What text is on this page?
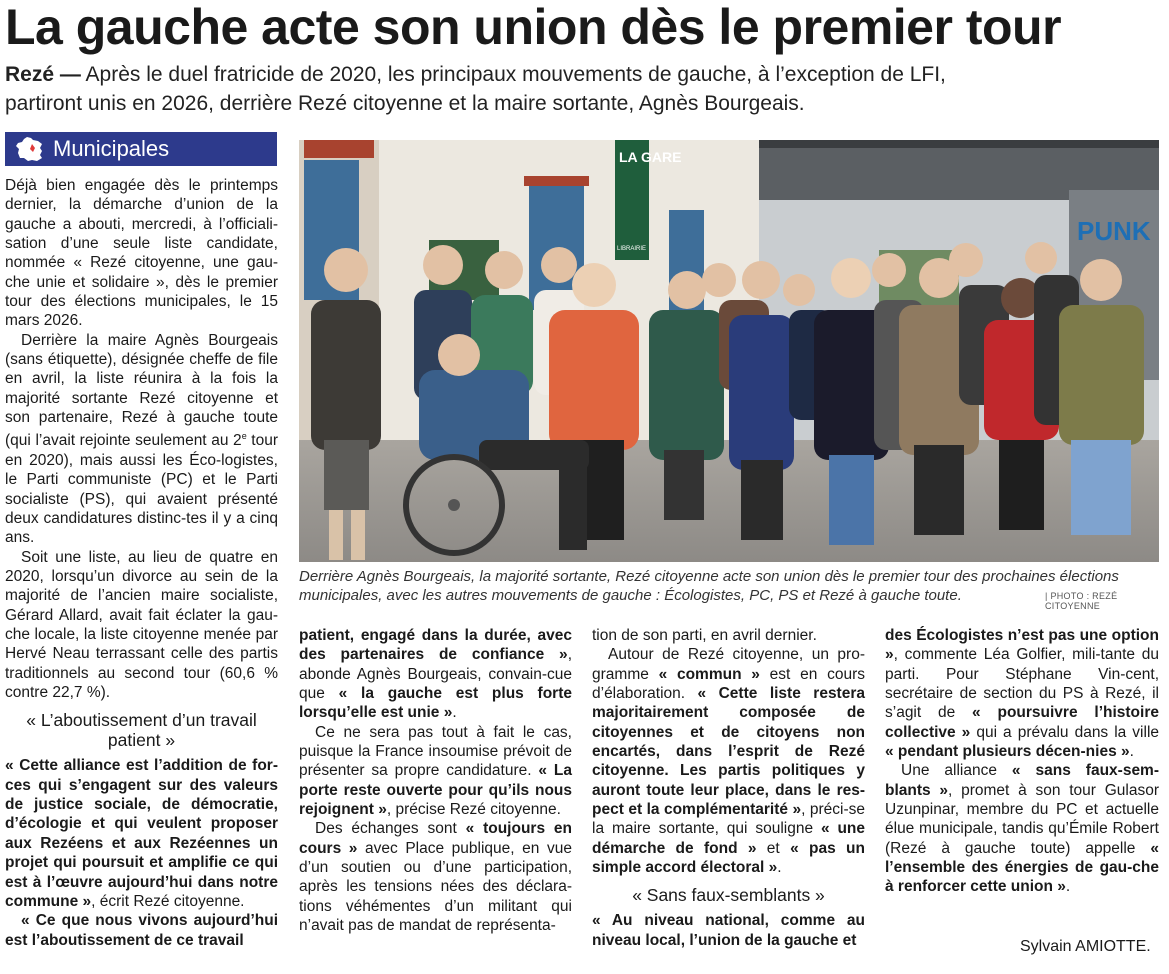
La gauche acte son union dès le premier tour
Rezé — Après le duel fratricide de 2020, les principaux mouvements de gauche, à l’exception de LFI, partiront unis en 2026, derrière Rezé citoyenne et la maire sortante, Agnès Bourgeais.
Municipales

Déjà bien engagée dès le printemps dernier, la démarche d’union de la gauche a abouti, mercredi, à l’officiali-sation d’une seule liste candidate, nommée « Rezé citoyenne, une gau-che unie et solidaire », dès le premier tour des élections municipales, le 15 mars 2026.

Derrière la maire Agnès Bourgeais (sans étiquette), désignée cheffe de file en avril, la liste réunira à la fois la majorité sortante Rezé citoyenne et son partenaire, Rezé à gauche toute (qui l’avait rejointe seulement au 2e tour en 2020), mais aussi les Éco-logistes, le Parti communiste (PC) et le Parti socialiste (PS), qui avaient présenté deux candidatures distinc-tes il y a cinq ans.

Soit une liste, au lieu de quatre en 2020, lorsqu’un divorce au sein de la majorité de l’ancien maire socialiste, Gérard Allard, avait fait éclater la gau-che locale, la liste citoyenne menée par Hervé Neau terrassant celle des partis traditionnels au second tour (60,6 % contre 22,7 %).

« L’aboutissement d’un travail patient »

« Cette alliance est l’addition de for-ces qui s’engagent sur des valeurs de justice sociale, de démocratie, d’écologie et qui veulent proposer aux Rezéens et aux Rezéennes un projet qui poursuit et amplifie ce qui est à l’œuvre aujourd’hui dans notre commune », écrit Rezé citoyenne.

« Ce que nous vivons aujourd’hui est l’aboutissement de ce travail

LA GARE
LIBRAIRIE
PUNK
Derrière Agnès Bourgeais, la majorité sortante, Rezé citoyenne acte son union dès le premier tour des prochaines élections municipales, avec les autres mouvements de gauche : Écologistes, PC, PS et Rezé à gauche toute.	| PHOTO : REZÉ CITOYENNE

patient, engagé dans la durée, avec des partenaires de confiance », abonde Agnès Bourgeais, convain-cue que « la gauche est plus forte lorsqu’elle est unie ».

Ce ne sera pas tout à fait le cas, puisque la France insoumise prévoit de présenter sa propre candidature. « La porte reste ouverte pour qu’ils nous rejoignent », précise Rezé citoyenne.

Des échanges sont « toujours en cours » avec Place publique, en vue d’un soutien ou d’une participation, après les tensions nées des déclara-tions véhémentes d’un militant qui n’avait pas de mandat de représenta-

tion de son parti, en avril dernier.

Autour de Rezé citoyenne, un pro-gramme « commun » est en cours d’élaboration. « Cette liste restera majoritairement composée de citoyennes et de citoyens non encartés, dans l’esprit de Rezé citoyenne. Les partis politiques y auront toute leur place, dans le res-pect et la complémentarité », préci-se la maire sortante, qui souligne « une démarche de fond » et « pas un simple accord électoral ».

« Sans faux-semblants »

« Au niveau national, comme au niveau local, l’union de la gauche et

des Écologistes n’est pas une option », commente Léa Golfier, mili-tante du parti. Pour Stéphane Vin-cent, secrétaire de section du PS à Rezé, il s’agit de « poursuivre l’histoire collective » qui a prévalu dans la ville « pendant plusieurs décen-nies ».

Une alliance « sans faux-sem-blants », promet à son tour Gulasor Uzunpinar, membre du PC et actuelle élue municipale, tandis qu’Émile Robert (Rezé à gauche toute) appelle « l’ensemble des énergies de gau-che à renforcer cette union ».

Sylvain AMIOTTE.
